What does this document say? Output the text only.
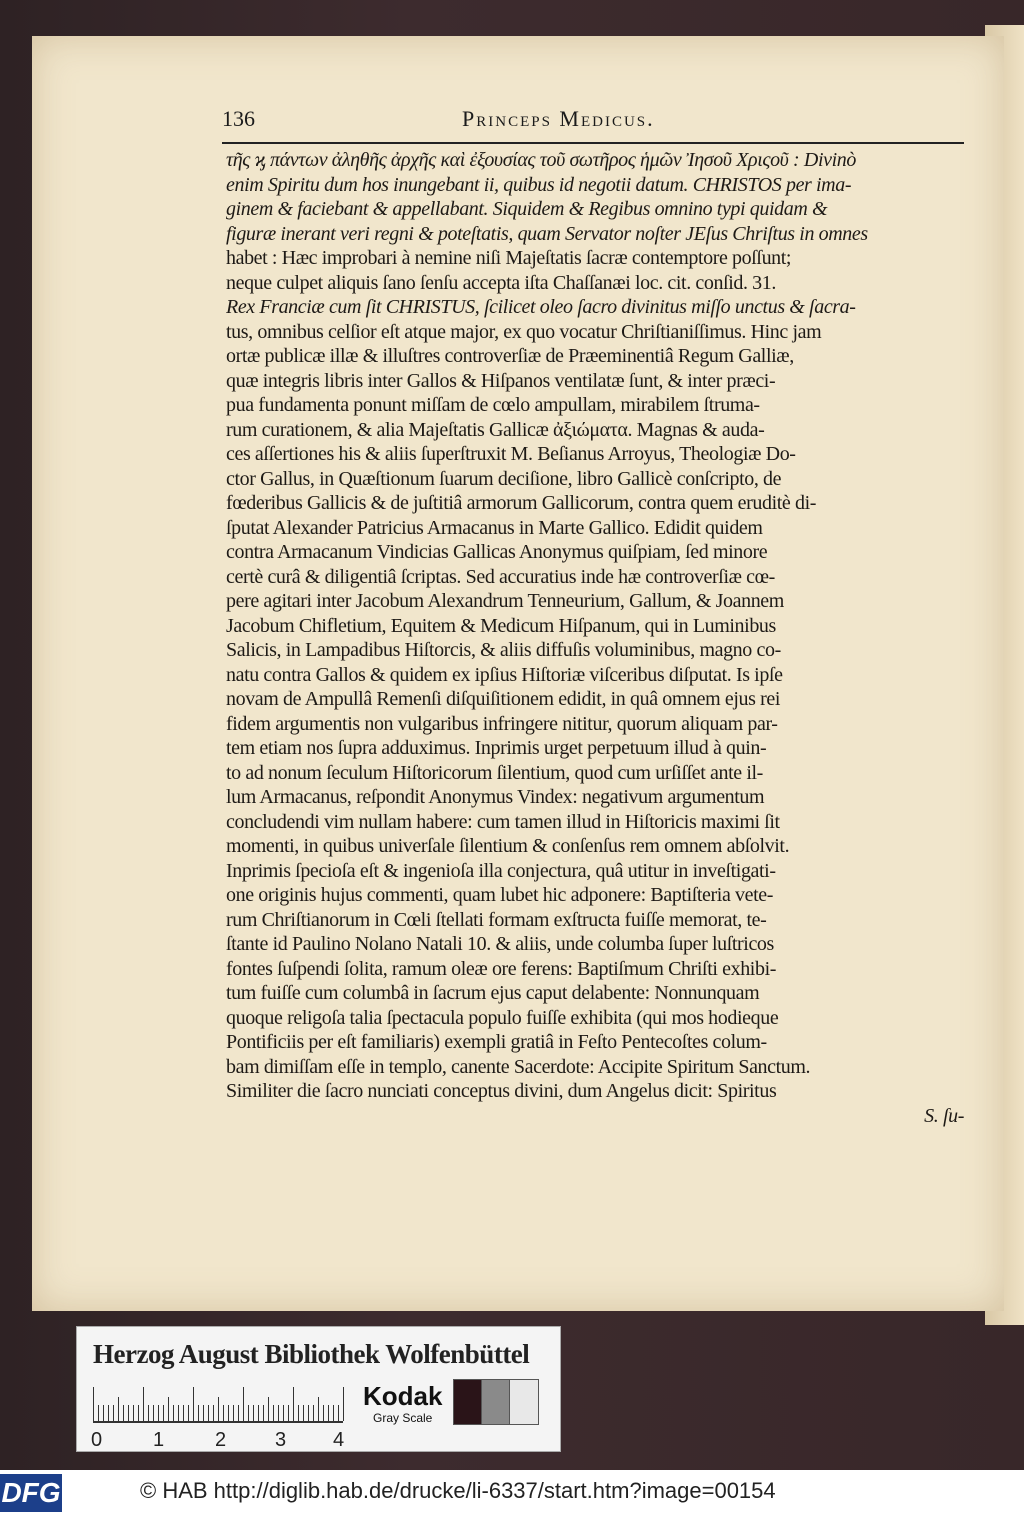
136	Princeps Medicus.
τῆς ϗ πάντων ἀληθῆς ἀρχῆς καὶ ἐξουσίας τοῦ σωτῆρος ἡμῶν Ἰησοῦ Χριςοῦ : Divinò
enim Spiritu dum hos inungebant ii, quibus id negotii datum. CHRISTOS per ima-
ginem & faciebant & appellabant. Siquidem & Regibus omnino typi quidam &
figuræ inerant veri regni & poteſtatis, quam Servator noſter JEſus Chriſtus in omnes
habet : Hæc improbari à nemine niſi Majeſtatis ſacræ contemptore poſſunt;
neque culpet aliquis ſano ſenſu accepta iſta Chaſſanæi loc. cit. conſid. 31.
Rex Franciæ cum ſit CHRISTUS, ſcilicet oleo ſacro divinitus miſſo unctus & ſacra-
tus, omnibus celſior eſt atque major, ex quo vocatur Chriſtianiſſimus. Hinc jam
ortæ publicæ illæ & illuſtres controverſiæ de Præeminentiâ Regum Galliæ,
quæ integris libris inter Gallos & Hiſpanos ventilatæ ſunt, & inter præci-
pua fundamenta ponunt miſſam de cœlo ampullam, mirabilem ſtruma-
rum curationem, & alia Majeſtatis Gallicæ ἀξιώματα. Magnas & auda-
ces aſſertiones his & aliis ſuperſtruxit M. Beſianus Arroyus, Theologiæ Do-
ctor Gallus, in Quæſtionum ſuarum deciſione, libro Gallicè conſcripto, de
fœderibus Gallicis & de juſtitiâ armorum Gallicorum, contra quem eruditè di-
ſputat Alexander Patricius Armacanus in Marte Gallico. Edidit quidem
contra Armacanum Vindicias Gallicas Anonymus quiſpiam, ſed minore
certè curâ & diligentiâ ſcriptas. Sed accuratius inde hæ controverſiæ cœ-
pere agitari inter Jacobum Alexandrum Tenneurium, Gallum, & Joannem
Jacobum Chifletium, Equitem & Medicum Hiſpanum, qui in Luminibus
Salicis, in Lampadibus Hiſtorcis, & aliis diffuſis voluminibus, magno co-
natu contra Gallos & quidem ex ipſius Hiſtoriæ viſceribus diſputat. Is ipſe
novam de Ampullâ Remenſi diſquiſitionem edidit, in quâ omnem ejus rei
fidem argumentis non vulgaribus infringere nititur, quorum aliquam par-
tem etiam nos ſupra adduximus. Inprimis urget perpetuum illud à quin-
to ad nonum ſeculum Hiſtoricorum ſilentium, quod cum urſiſſet ante il-
lum Armacanus, reſpondit Anonymus Vindex: negativum argumentum
concludendi vim nullam habere: cum tamen illud in Hiſtoricis maximi ſit
momenti, in quibus univerſale ſilentium & conſenſus rem omnem abſolvit.
Inprimis ſpecioſa eſt & ingenioſa illa conjectura, quâ utitur in inveſtigati-
one originis hujus commenti, quam lubet hic adponere: Baptiſteria vete-
rum Chriſtianorum in Cœli ſtellati formam exſtructa fuiſſe memorat, te-
ſtante id Paulino Nolano Natali 10. & aliis, unde columba ſuper luſtricos
fontes ſuſpendi ſolita, ramum oleæ ore ferens: Baptiſmum Chriſti exhibi-
tum fuiſſe cum columbâ in ſacrum ejus caput delabente: Nonnunquam
quoque religoſa talia ſpectacula populo fuiſſe exhibita (qui mos hodieque
Pontificiis per eſt familiaris) exempli gratiâ in Feſto Pentecoſtes colum-
bam dimiſſam eſſe in templo, canente Sacerdote: Accipite Spiritum Sanctum.
Similiter die ſacro nunciati conceptus divini, dum Angelus dicit: Spiritus
S. ſu-
Herzog August Bibliothek Wolfenbüttel
0	1	2 3 4
Kodak
Gray Scale
DFG	© HAB http://diglib.hab.de/drucke/li-6337/start.htm?image=00154
